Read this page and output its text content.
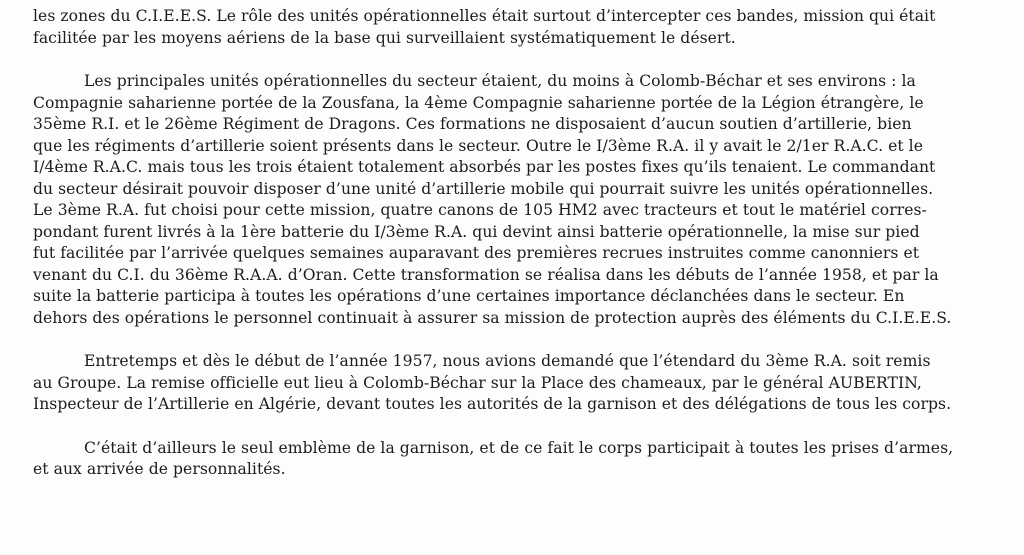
les zones du C.I.E.E.S. Le rôle des unités opérationnelles était surtout d’intercepter ces bandes, mission qui était
facilitée par les moyens aériens de la base qui surveillaient systématiquement le désert.
Les principales unités opérationnelles du secteur étaient, du moins à Colomb-Béchar et ses environs : la
Compagnie saharienne portée de la Zousfana, la 4ème Compagnie saharienne portée de la Légion étrangère, le
35ème R.I. et le 26ème Régiment de Dragons. Ces formations ne disposaient d’aucun soutien d’artillerie, bien
que les régiments d’artillerie soient présents dans le secteur. Outre le I/3ème R.A. il y avait le 2/1er R.A.C. et le
I/4ème R.A.C. mais tous les trois étaient totalement absorbés par les postes fixes qu’ils tenaient. Le commandant
du secteur désirait pouvoir disposer d’une unité d’artillerie mobile qui pourrait suivre les unités opérationnelles.
Le 3ème R.A. fut choisi pour cette mission, quatre canons de 105 HM2 avec tracteurs et tout le matériel corres-
pondant furent livrés à la 1ère batterie du I/3ème R.A. qui devint ainsi batterie opérationnelle, la mise sur pied
fut facilitée par l’arrivée quelques semaines auparavant des premières recrues instruites comme canonniers et
venant du C.I. du 36ème R.A.A. d’Oran. Cette transformation se réalisa dans les débuts de l’année 1958, et par la
suite la batterie participa à toutes les opérations d’une certaines importance déclanchées dans le secteur. En
dehors des opérations le personnel continuait à assurer sa mission de protection auprès des éléments du C.I.E.E.S.
Entretemps et dès le début de l’année 1957, nous avions demandé que l’étendard du 3ème R.A. soit remis
au Groupe. La remise officielle eut lieu à Colomb-Béchar sur la Place des chameaux, par le général AUBERTIN,
Inspecteur de l’Artillerie en Algérie, devant toutes les autorités de la garnison et des délégations de tous les corps.
C’était d’ailleurs le seul emblème de la garnison, et de ce fait le corps participait à toutes les prises d’armes,
et aux arrivée de personnalités.
